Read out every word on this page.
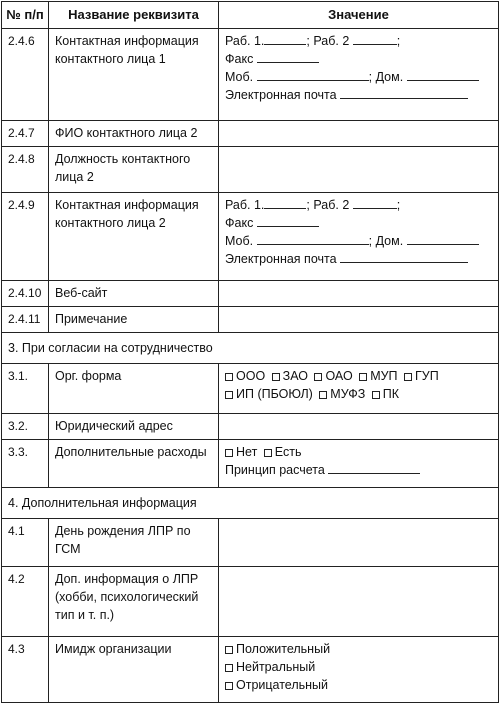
№ п/п	Название реквизита	Значение
2.4.6	Контактная информация контактного лица 1	Раб. 1. ; Раб. 2 ;
Факс
Моб. ; Дом.
Электронная почта

2.4.7	ФИО контактного лица 2	
2.4.8	Должность контактного лица 2	
2.4.9	Контактная информация контактного лица 2	Раб. 1. ; Раб. 2 ;
Факс
Моб. ; Дом.
Электронная почта

2.4.10	Веб-сайт	
2.4.11	Примечание	
3. При согласии на сотрудничество		
3.1.	Орг. форма	ООО ЗАО ОАО МУП ГУП
ИП (ПБОЮЛ) МУФЗ ПК

3.2.	Юридический адрес	
3.3.	Дополнительные расходы	Нет Есть
Принцип расчета

4. Дополнительная информация		
4.1	День рождения ЛПР по ГСМ	
4.2	Доп. информация о ЛПР (хобби, психологический тип и т. п.)	
4.3	Имидж организации	Положительный
Нейтральный
Отрицательный
